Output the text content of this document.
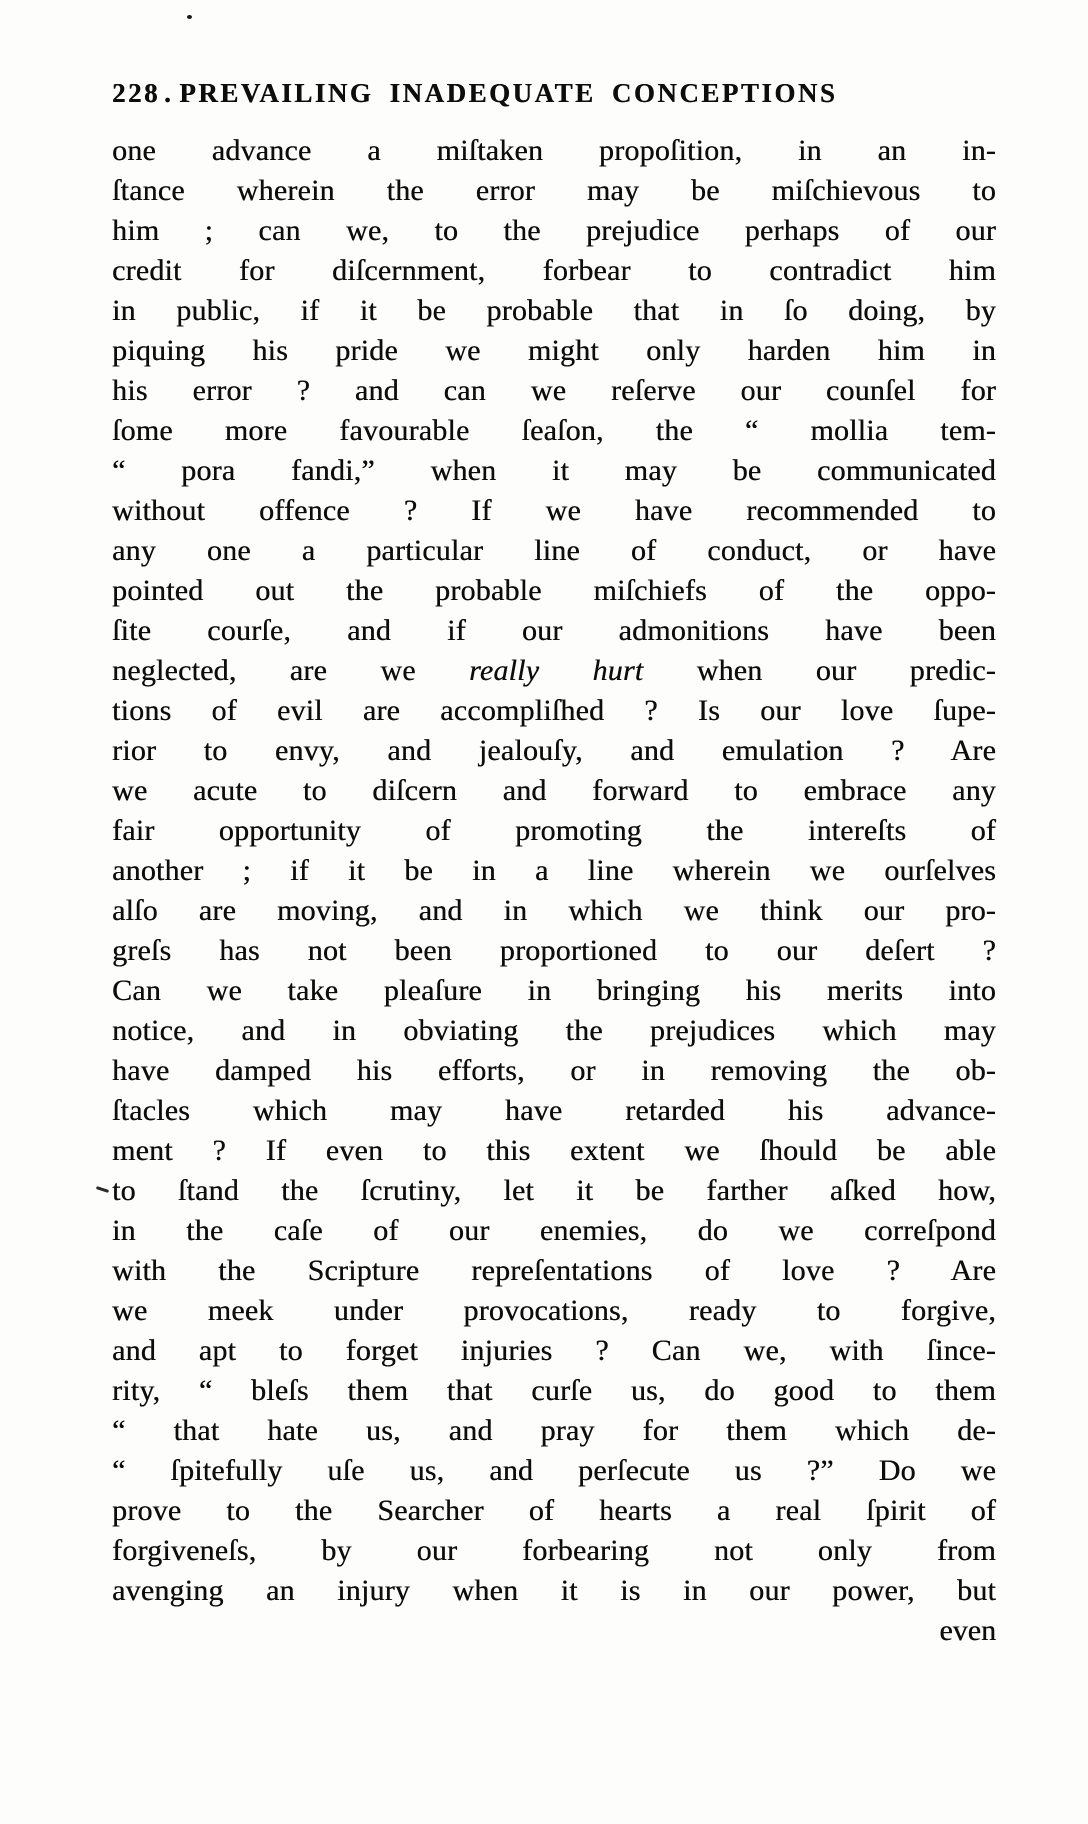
228 . PREVAILING INADEQUATE CONCEPTIONS
one advance a miſtaken propoſition, in an in-
ſtance wherein the error may be miſchievous to
him ; can we, to the prejudice perhaps of our
credit for diſcernment, forbear to contradict him
in public, if it be probable that in ſo doing, by
piquing his pride we might only harden him in
his error ? and can we reſerve our counſel for
ſome more favourable ſeaſon, the “ mollia tem-
“ pora fandi,” when it may be communicated
without offence ? If we have recommended to
any one a particular line of conduct, or have
pointed out the probable miſchiefs of the oppo-
ſite courſe, and if our admonitions have been
neglected, are we really hurt when our predic-
tions of evil are accompliſhed ? Is our love ſupe-
rior to envy, and jealouſy, and emulation ? Are
we acute to diſcern and forward to embrace any
fair opportunity of promoting the intereſts of
another ; if it be in a line wherein we ourſelves
alſo are moving, and in which we think our pro-
greſs has not been proportioned to our deſert ?
Can we take pleaſure in bringing his merits into
notice, and in obviating the prejudices which may
have damped his efforts, or in removing the ob-
ſtacles which may have retarded his advance-
ment ? If even to this extent we ſhould be able
to ſtand the ſcrutiny, let it be farther aſked how,
in the caſe of our enemies, do we correſpond
with the Scripture repreſentations of love ? Are
we meek under provocations, ready to forgive,
and apt to forget injuries ? Can we, with ſince-
rity, “ bleſs them that curſe us, do good to them
“ that hate us, and pray for them which de-
“ ſpitefully uſe us, and perſecute us ?” Do we
prove to the Searcher of hearts a real ſpirit of
forgiveneſs, by our forbearing not only from
avenging an injury when it is in our power, but
even
